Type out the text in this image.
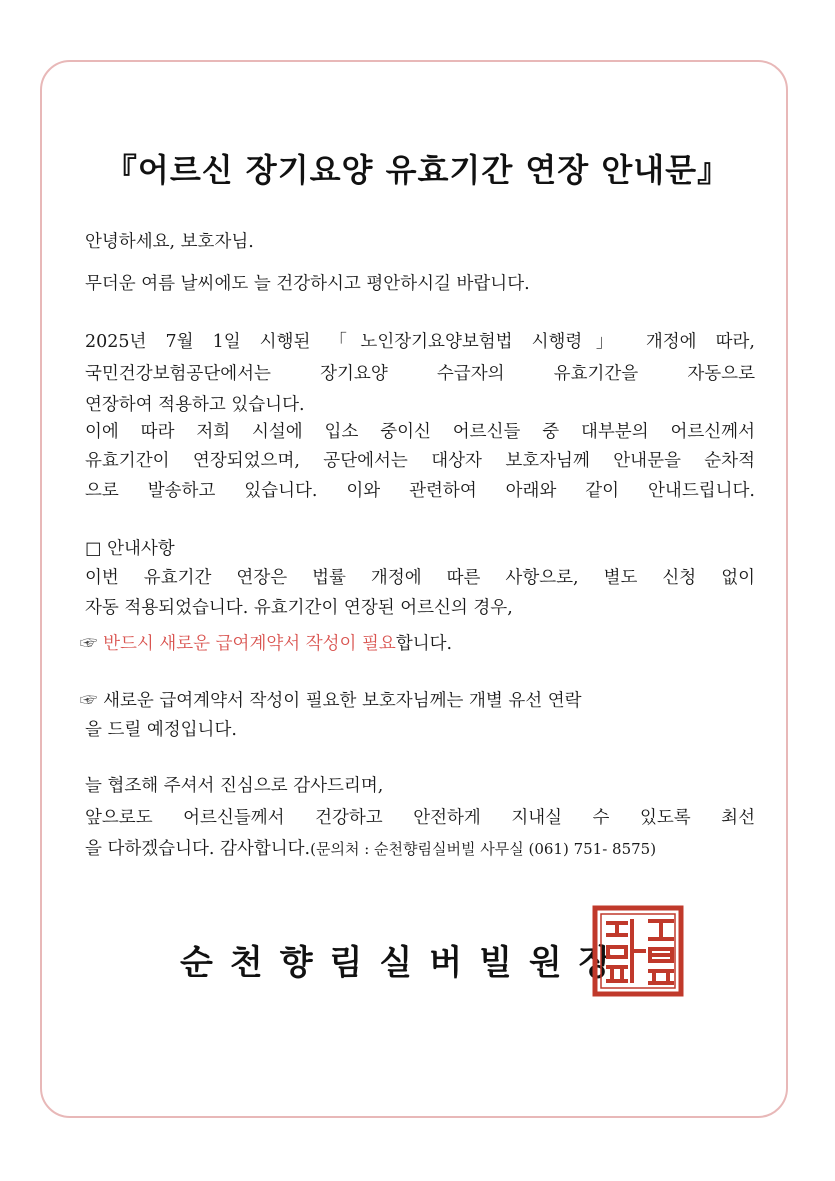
『어르신 장기요양 유효기간 연장 안내문』
안녕하세요, 보호자님.
무더운 여름 날씨에도 늘 건강하시고 평안하시길 바랍니다.
2025년 7월 1일 시행된 「노인장기요양보험법 시행령」 개정에 따라,
국민건강보험공단에서는 장기요양 수급자의 유효기간을 자동으로
연장하여 적용하고 있습니다.
이에 따라 저희 시설에 입소 중이신 어르신들 중 대부분의 어르신께서
유효기간이 연장되었으며, 공단에서는 대상자 보호자님께 안내문을 순차적
으로 발송하고 있습니다. 이와 관련하여 아래와 같이 안내드립니다.
□ 안내사항
이번 유효기간 연장은 법률 개정에 따른 사항으로, 별도 신청 없이
자동 적용되었습니다. 유효기간이 연장된 어르신의 경우,
☞ 반드시 새로운 급여계약서 작성이 필요합니다.
☞ 새로운 급여계약서 작성이 필요한 보호자님께는 개별 유선 연락
을 드릴 예정입니다.
늘 협조해 주셔서 진심으로 감사드리며,
앞으로도 어르신들께서 건강하고 안전하게 지내실 수 있도록 최선
을 다하겠습니다. 감사합니다.(문의처 : 순천향림실버빌 사무실 (061) 751- 8575)
순천향림실버빌원장
